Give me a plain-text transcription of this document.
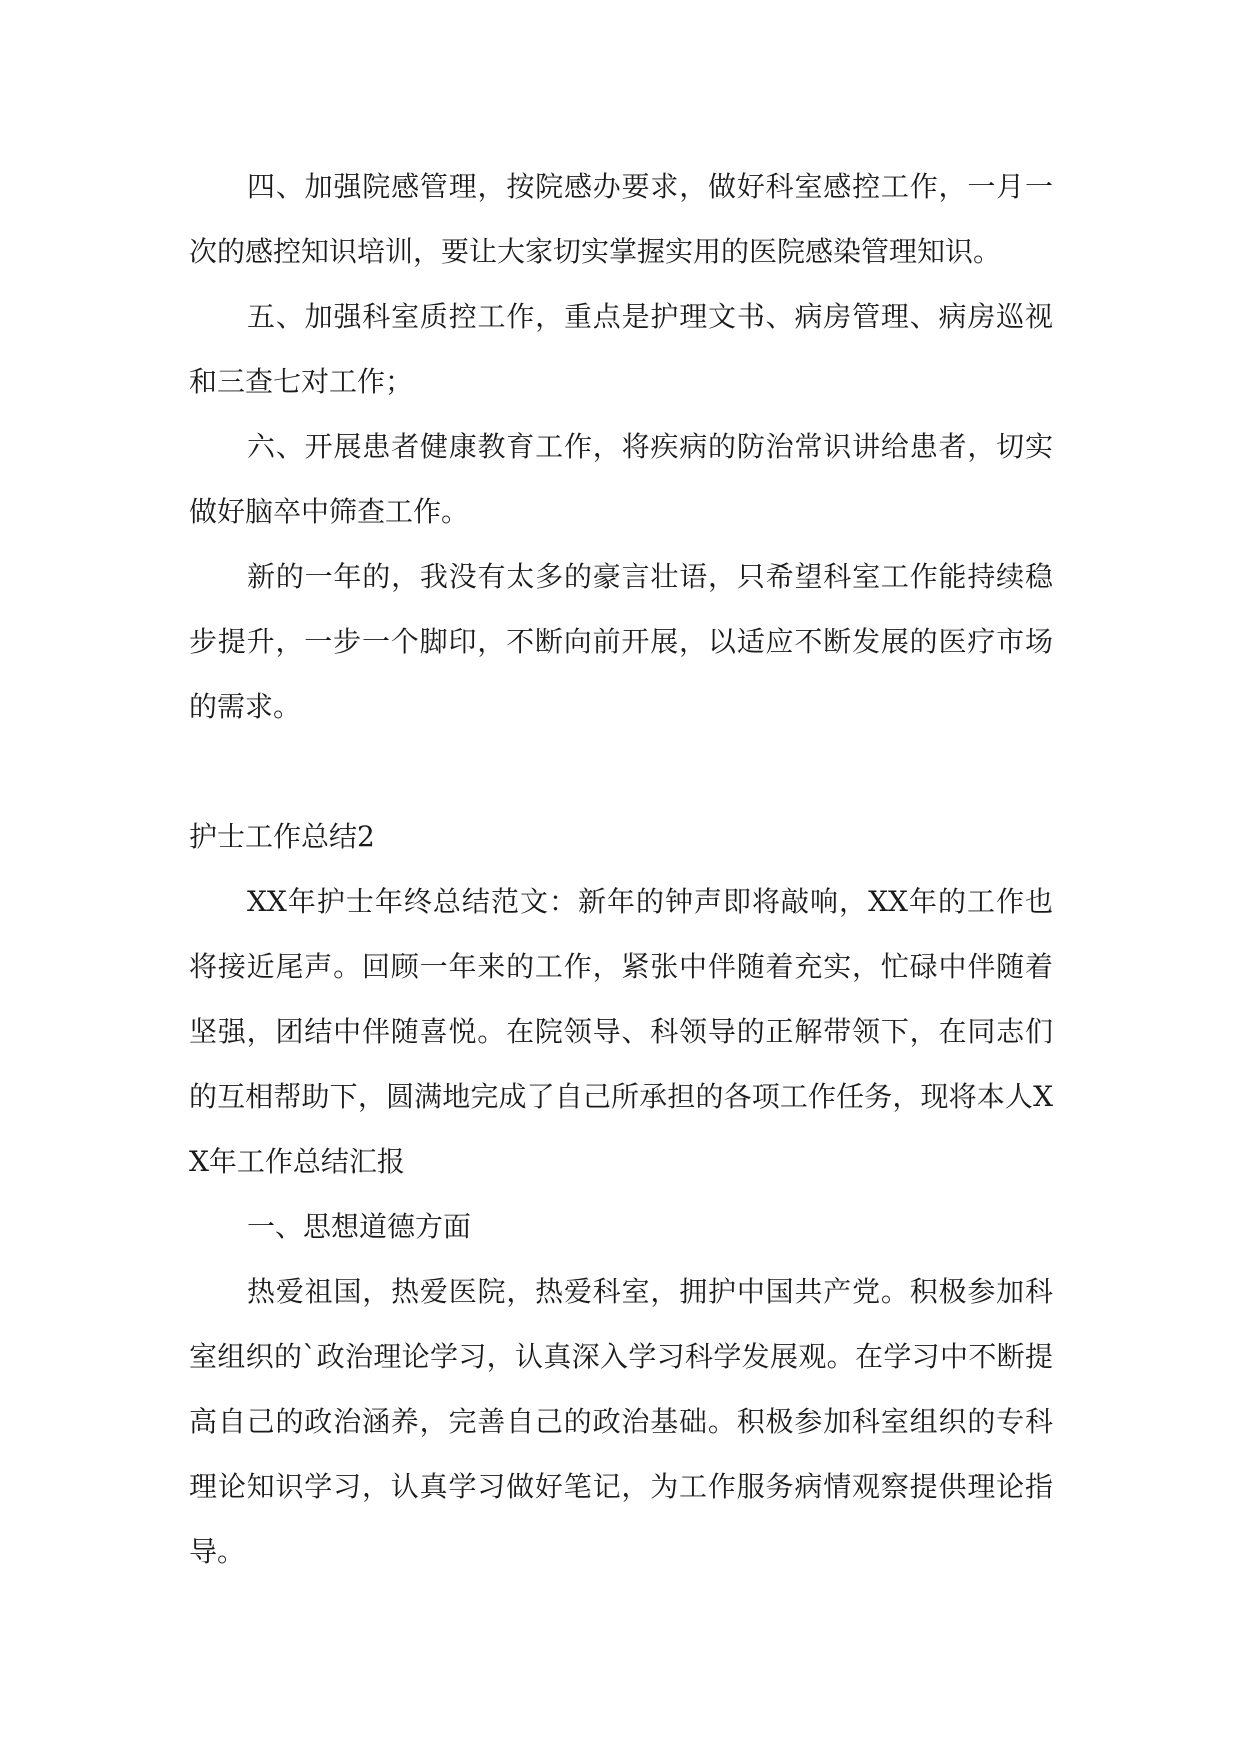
四、加强院感管理，按院感办要求，做好科室感控工作，一月一次的感控知识培训，要让大家切实掌握实用的医院感染管理知识。

五、加强科室质控工作，重点是护理文书、病房管理、病房巡视和三查七对工作；

六、开展患者健康教育工作，将疾病的防治常识讲给患者，切实做好脑卒中筛查工作。

新的一年的，我没有太多的豪言壮语，只希望科室工作能持续稳步提升，一步一个脚印，不断向前开展，以适应不断发展的医疗市场的需求。

护士工作总结2

XX年护士年终总结范文：新年的钟声即将敲响，XX年的工作也将接近尾声。回顾一年来的工作，紧张中伴随着充实，忙碌中伴随着坚强，团结中伴随喜悦。在院领导、科领导的正解带领下，在同志们的互相帮助下，圆满地完成了自己所承担的各项工作任务，现将本人XX年工作总结汇报

一、思想道德方面

热爱祖国，热爱医院，热爱科室，拥护中国共产党。积极参加科室组织的`政治理论学习，认真深入学习科学发展观。在学习中不断提高自己的政治涵养，完善自己的政治基础。积极参加科室组织的专科理论知识学习，认真学习做好笔记，为工作服务病情观察提供理论指导。
